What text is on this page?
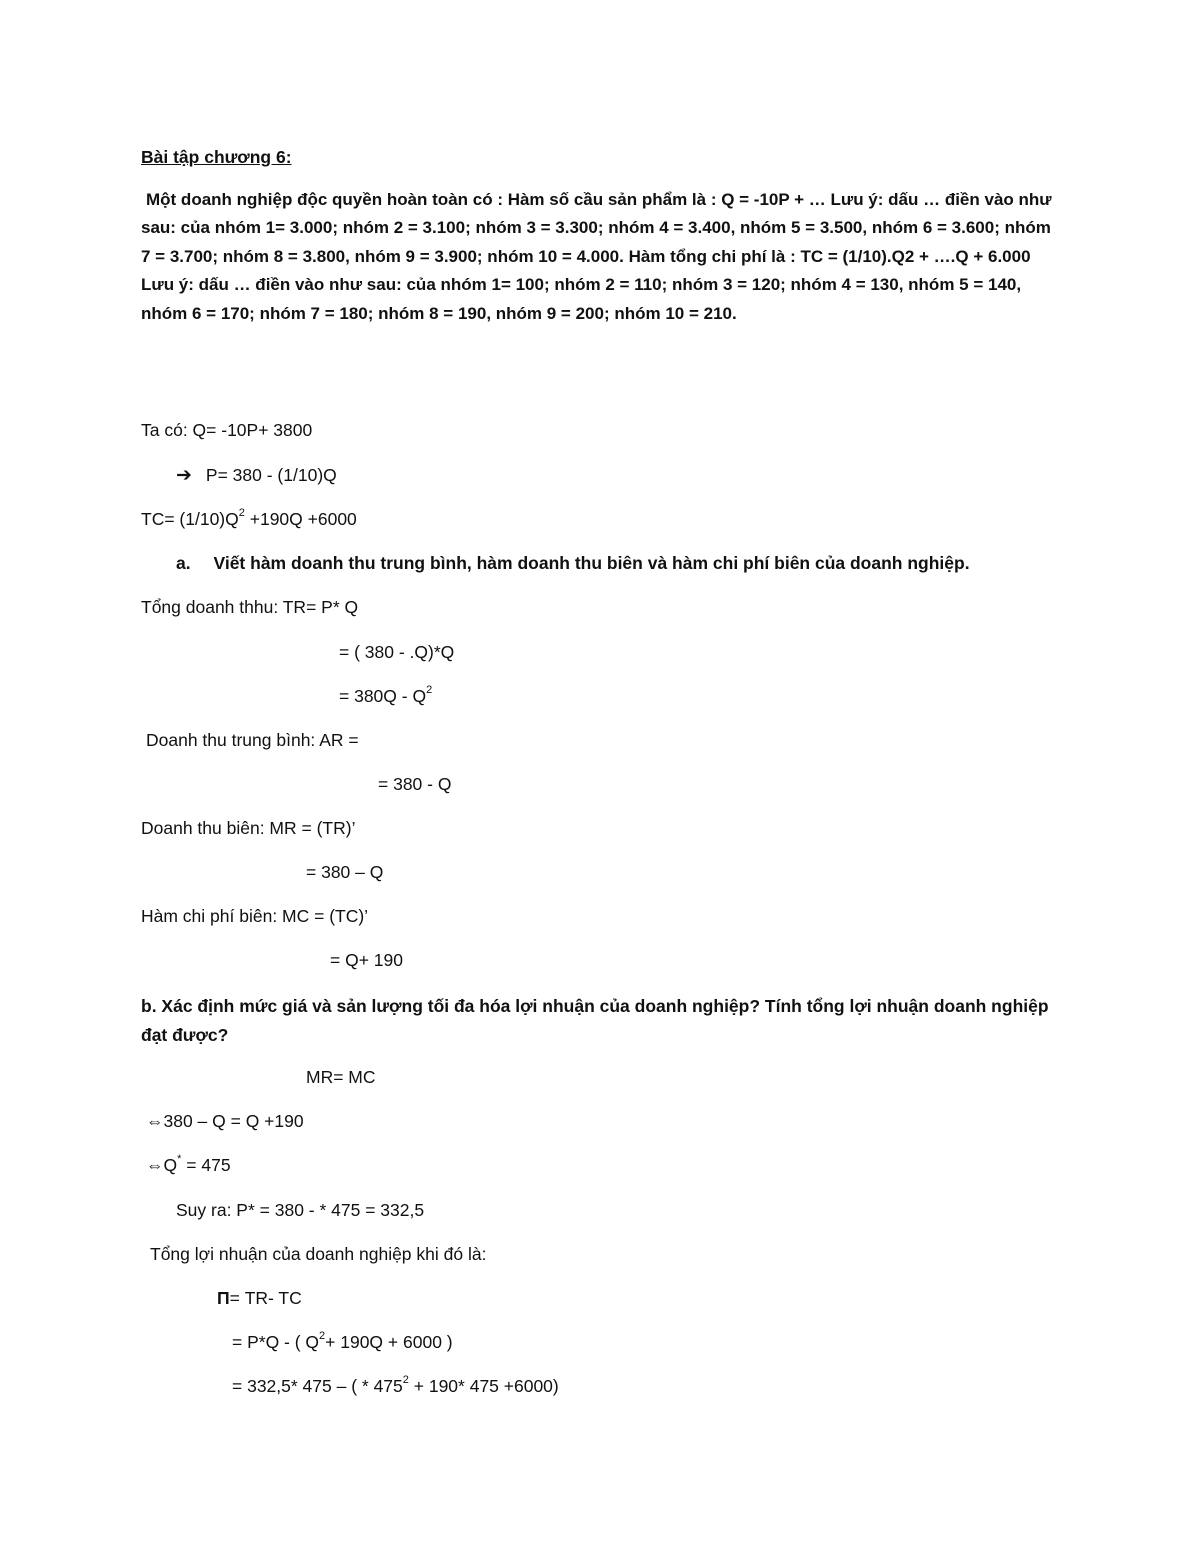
Bài tập chương 6:
Một doanh nghiệp độc quyền hoàn toàn có : Hàm số cầu sản phẩm là : Q = -10P + … Lưu ý: dấu … điền vào như sau: của nhóm 1= 3.000; nhóm 2 = 3.100; nhóm 3 = 3.300; nhóm 4 = 3.400, nhóm 5 = 3.500, nhóm 6 = 3.600; nhóm 7 = 3.700; nhóm 8 = 3.800, nhóm 9 = 3.900; nhóm 10 = 4.000. Hàm tổng chi phí là : TC = (1/10).Q2 + ….Q + 6.000 Lưu ý: dấu … điền vào như sau: của nhóm 1= 100; nhóm 2 = 110; nhóm 3 = 120; nhóm 4 = 130, nhóm 5 = 140, nhóm 6 = 170; nhóm 7 = 180; nhóm 8 = 190, nhóm 9 = 200; nhóm 10 = 210.
Ta có: Q= -10P+ 3800
➔ P= 380 - (1/10)Q
$TC= (1/10)Q^2 +190Q +6000$
a. Viết hàm doanh thu trung bình, hàm doanh thu biên và hàm chi phí biên của doanh nghiệp.
Tổng doanh thhu: TR= P* Q
= ( 380 - .Q)*Q
= $380Q - Q^2$
Doanh thu trung bình: AR =
= 380 - Q
Doanh thu biên: MR = (TR)’
= 380 – Q
Hàm chi phí biên: MC = (TC)’
= Q+ 190
b. Xác định mức giá và sản lượng tối đa hóa lợi nhuận của doanh nghiệp? Tính tổng lợi nhuận doanh nghiệp đạt được?
MR= MC
⇔380 – Q = Q +190
⇔Q* = 475
Suy ra: P* = 380 - * 475 = 332,5
Tổng lợi nhuận của doanh nghiệp khi đó là:
Π= TR- TC
= P*Q - ( $Q^2+ 190Q + 6000$ )
= 332,5* 475 – ( * $475^2 + 190*$ 475 +6000)
